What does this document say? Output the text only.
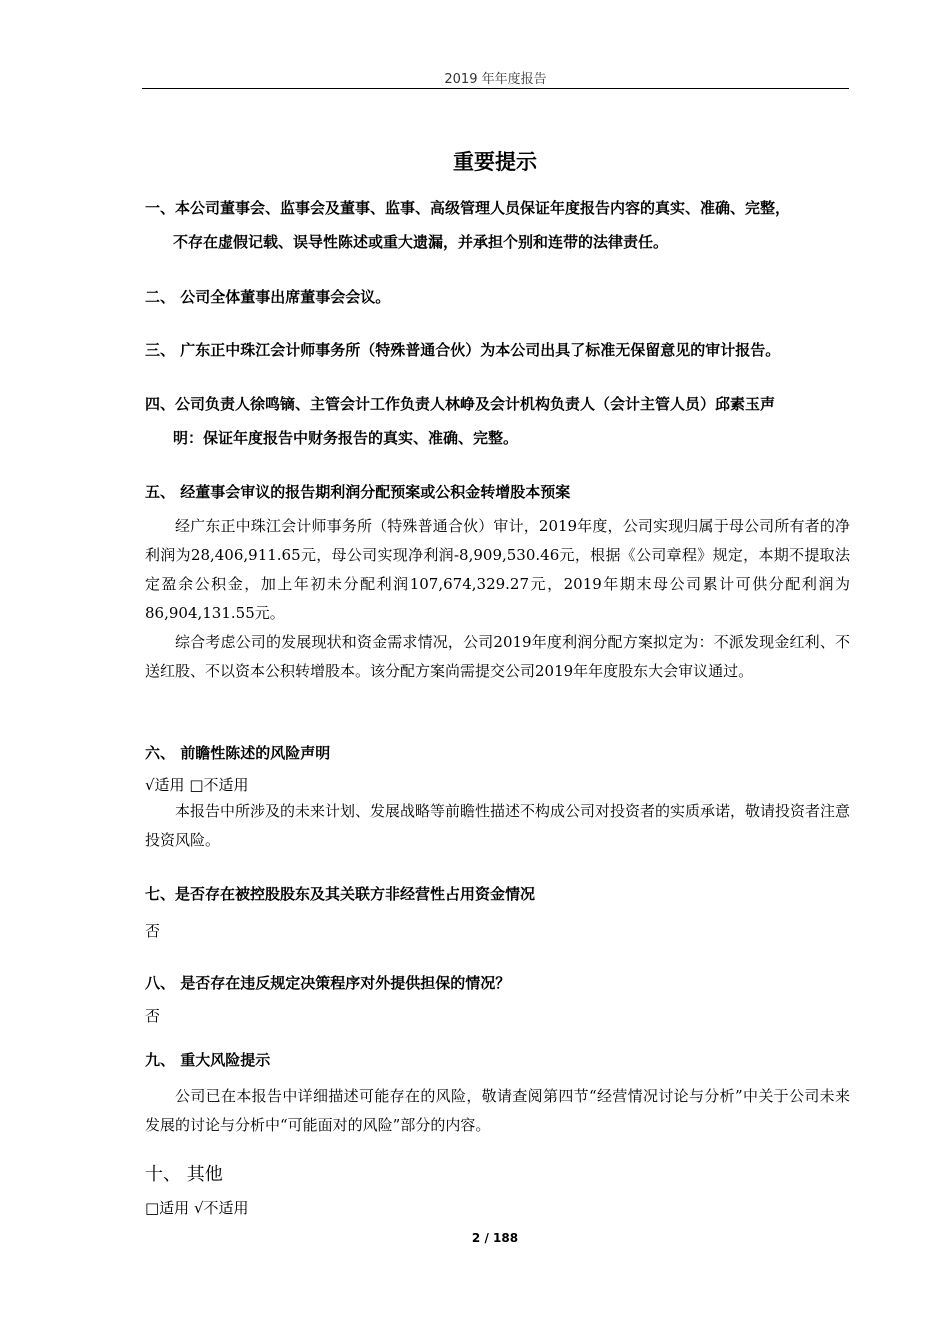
2019 年年度报告
重要提示
一、本公司董事会、监事会及董事、监事、高级管理人员保证年度报告内容的真实、准确、完整，
不存在虚假记载、误导性陈述或重大遗漏，并承担个别和连带的法律责任。
二、 公司全体董事出席董事会会议。
三、 广东正中珠江会计师事务所（特殊普通合伙）为本公司出具了标准无保留意见的审计报告。
四、公司负责人徐鸣镝、主管会计工作负责人林峥及会计机构负责人（会计主管人员）邱素玉声
明：保证年度报告中财务报告的真实、准确、完整。
五、 经董事会审议的报告期利润分配预案或公积金转增股本预案
经广东正中珠江会计师事务所（特殊普通合伙）审计，2019年度，公司实现归属于母公司所有者的净利润为28,406,911.65元，母公司实现净利润-8,909,530.46元，根据《公司章程》规定，本期不提取法定盈余公积金，加上年初未分配利润107,674,329.27元，2019年期末母公司累计可供分配利润为86,904,131.55元。
综合考虑公司的发展现状和资金需求情况，公司2019年度利润分配方案拟定为：不派发现金红利、不送红股、不以资本公积转增股本。该分配方案尚需提交公司2019年年度股东大会审议通过。
六、 前瞻性陈述的风险声明
√适用 □不适用
本报告中所涉及的未来计划、发展战略等前瞻性描述不构成公司对投资者的实质承诺，敬请投资者注意投资风险。
七、是否存在被控股股东及其关联方非经营性占用资金情况
否
八、 是否存在违反规定决策程序对外提供担保的情况？
否
九、 重大风险提示
公司已在本报告中详细描述可能存在的风险，敬请查阅第四节“经营情况讨论与分析”中关于公司未来发展的讨论与分析中“可能面对的风险”部分的内容。
十、 其他
□适用 √不适用
2 / 188
